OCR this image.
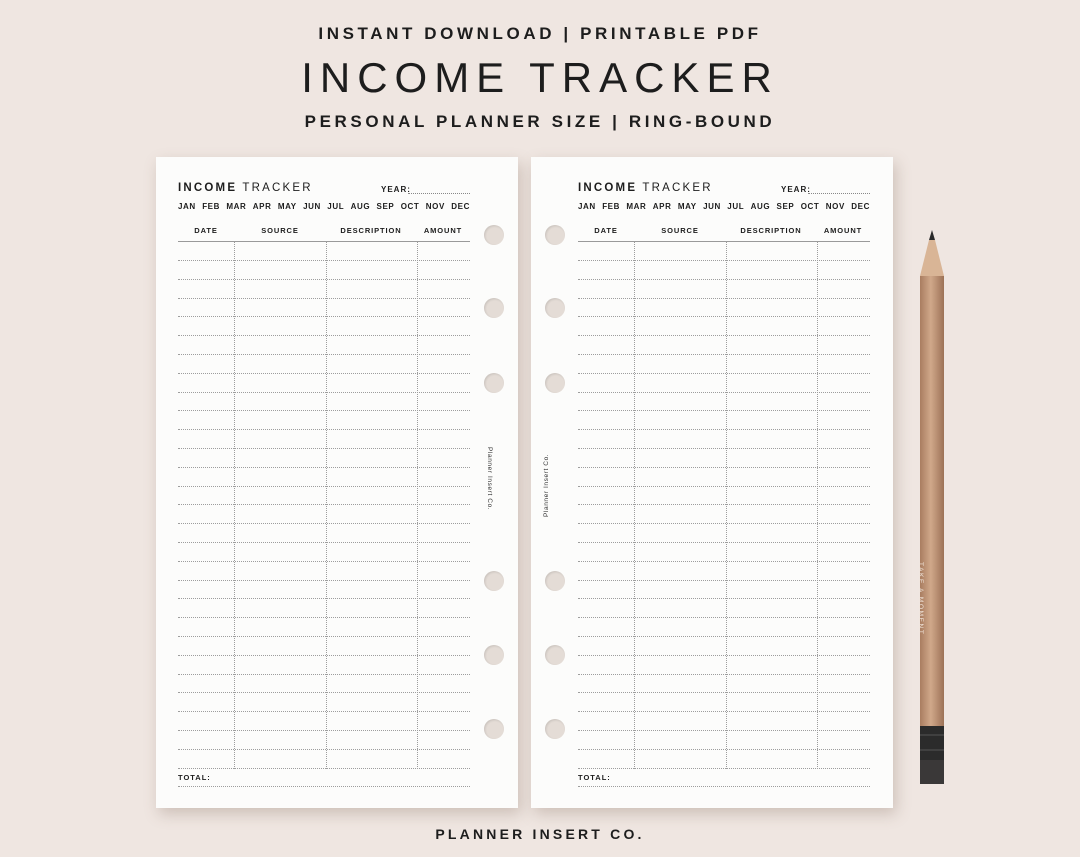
INSTANT DOWNLOAD | PRINTABLE PDF
INCOME TRACKER
PERSONAL PLANNER SIZE | RING-BOUND
INCOME TRACKER	YEAR:
JAN FEB MAR APR MAY JUN JUL AUG SEP OCT NOV DEC
DATE	SOURCE	DESCRIPTION	AMOUNT
TOTAL:
Planner Insert Co.
INCOME TRACKER	YEAR:
JAN FEB MAR APR MAY JUN JUL AUG SEP OCT NOV DEC
DATE	SOURCE	DESCRIPTION	AMOUNT
TOTAL:
Planner Insert Co.
TAKE A MOMENT
PLANNER INSERT CO.
